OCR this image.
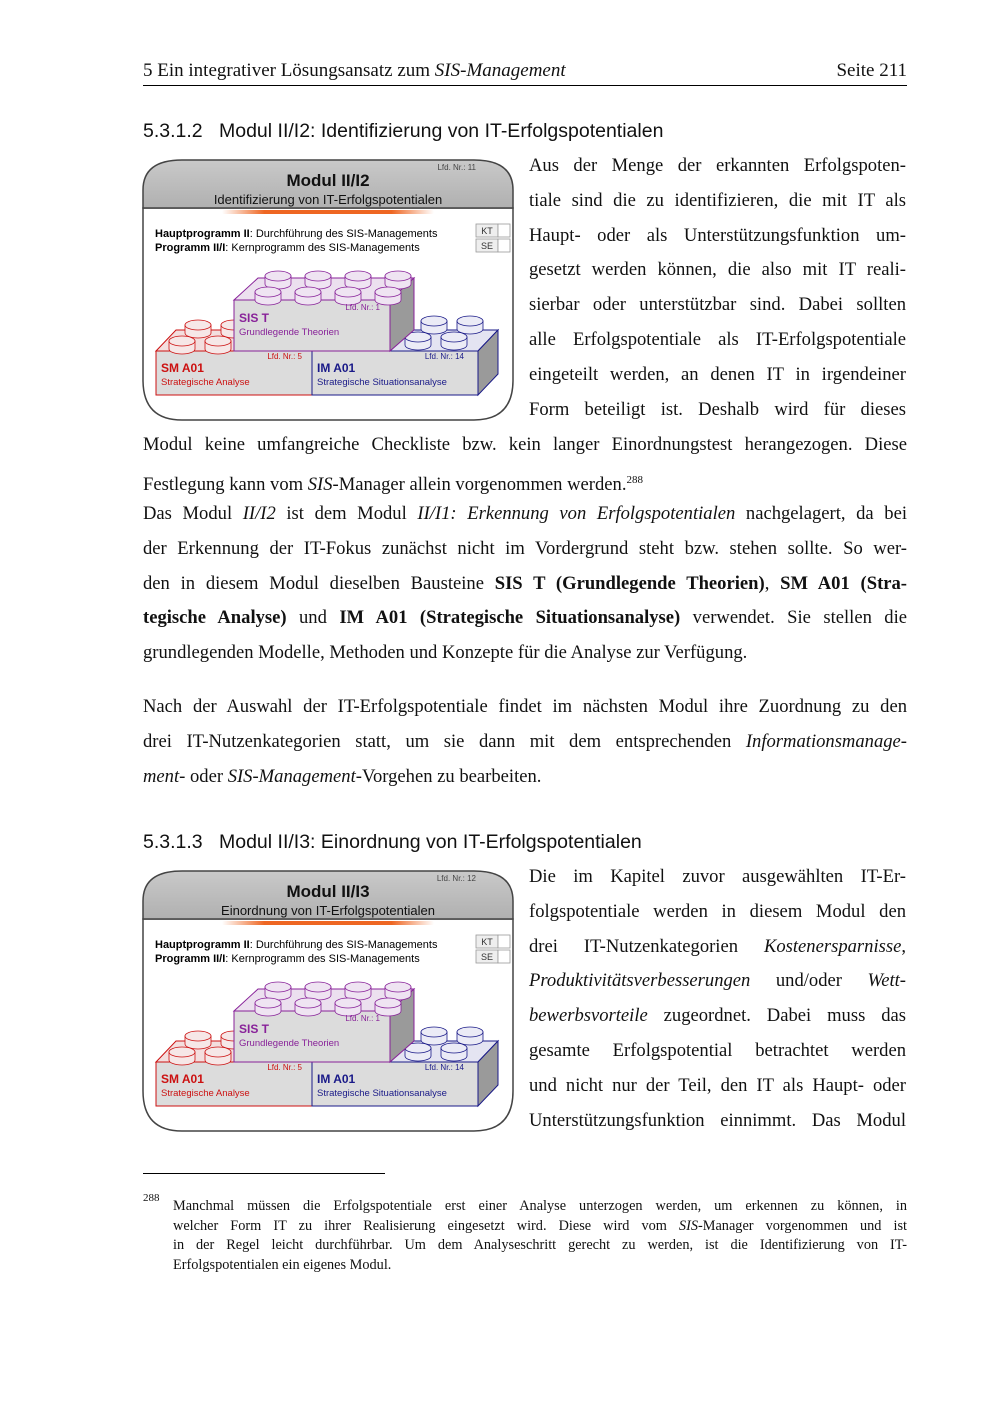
5 Ein integrativer Lösungsansatz zum SIS-Management	Seite 211
5.3.1.2 Modul II/I2: Identifizierung von IT-Erfolgspotentialen
Lfd. Nr.: 11
Modul II/I2
Identifizierung von IT-Erfolgspotentialen
Hauptprogramm II: Durchführung des SIS-Managements
Programm II/I: Kernprogramm des SIS-Managements
KT
SE
Lfd. Nr.: 5
SM A01
Strategische Analyse
Lfd. Nr.: 14
IM A01
Strategische Situationsanalyse
Lfd. Nr.: 1
SIS T
Grundlegende Theorien
Aus der Menge der erkannten Erfolgspoten-
tiale sind die zu identifizieren, die mit IT als
Haupt- oder als Unterstützungsfunktion um-
gesetzt werden können, die also mit IT reali-
sierbar oder unterstützbar sind. Dabei sollten
alle Erfolgspotentiale als IT-Erfolgspotentiale
eingeteilt werden, an denen IT in irgendeiner
Form beteiligt ist. Deshalb wird für dieses
Modul keine umfangreiche Checkliste bzw. kein langer Einordnungstest herangezogen. Diese
Festlegung kann vom SIS-Manager allein vorgenommen werden.$^{288}$
Das Modul II/I2 ist dem Modul II/I1: Erkennung von Erfolgspotentialen nachgelagert, da bei
der Erkennung der IT-Fokus zunächst nicht im Vordergrund steht bzw. stehen sollte. So wer-
den in diesem Modul dieselben Bausteine SIS T (Grundlegende Theorien), SM A01 (Stra-
tegische Analyse) und IM A01 (Strategische Situationsanalyse) verwendet. Sie stellen die
grundlegenden Modelle, Methoden und Konzepte für die Analyse zur Verfügung.
Nach der Auswahl der IT-Erfolgspotentiale findet im nächsten Modul ihre Zuordnung zu den
drei IT-Nutzenkategorien statt, um sie dann mit dem entsprechenden Informationsmanage-
ment- oder SIS-Management-Vorgehen zu bearbeiten.
5.3.1.3 Modul II/I3: Einordnung von IT-Erfolgspotentialen
Lfd. Nr.: 12
Modul II/I3
Einordnung von IT-Erfolgspotentialen
Hauptprogramm II: Durchführung des SIS-Managements
Programm II/I: Kernprogramm des SIS-Managements
KT
SE
Lfd. Nr.: 5
SM A01
Strategische Analyse
Lfd. Nr.: 14
IM A01
Strategische Situationsanalyse
Lfd. Nr.: 1
SIS T
Grundlegende Theorien
Die im Kapitel zuvor ausgewählten IT-Er-
folgspotentiale werden in diesem Modul den
drei IT-Nutzenkategorien Kostenersparnisse,
Produktivitätsverbesserungen und/oder Wett-
bewerbsvorteile zugeordnet. Dabei muss das
gesamte Erfolgspotential betrachtet werden
und nicht nur der Teil, den IT als Haupt- oder
Unterstützungsfunktion einnimmt. Das Modul
288 Manchmal müssen die Erfolgspotentiale erst einer Analyse unterzogen werden, um erkennen zu können, in
welcher Form IT zu ihrer Realisierung eingesetzt wird. Diese wird vom SIS-Manager vorgenommen und ist
in der Regel leicht durchführbar. Um dem Analyseschritt gerecht zu werden, ist die Identifizierung von IT-
Erfolgspotentialen ein eigenes Modul.
